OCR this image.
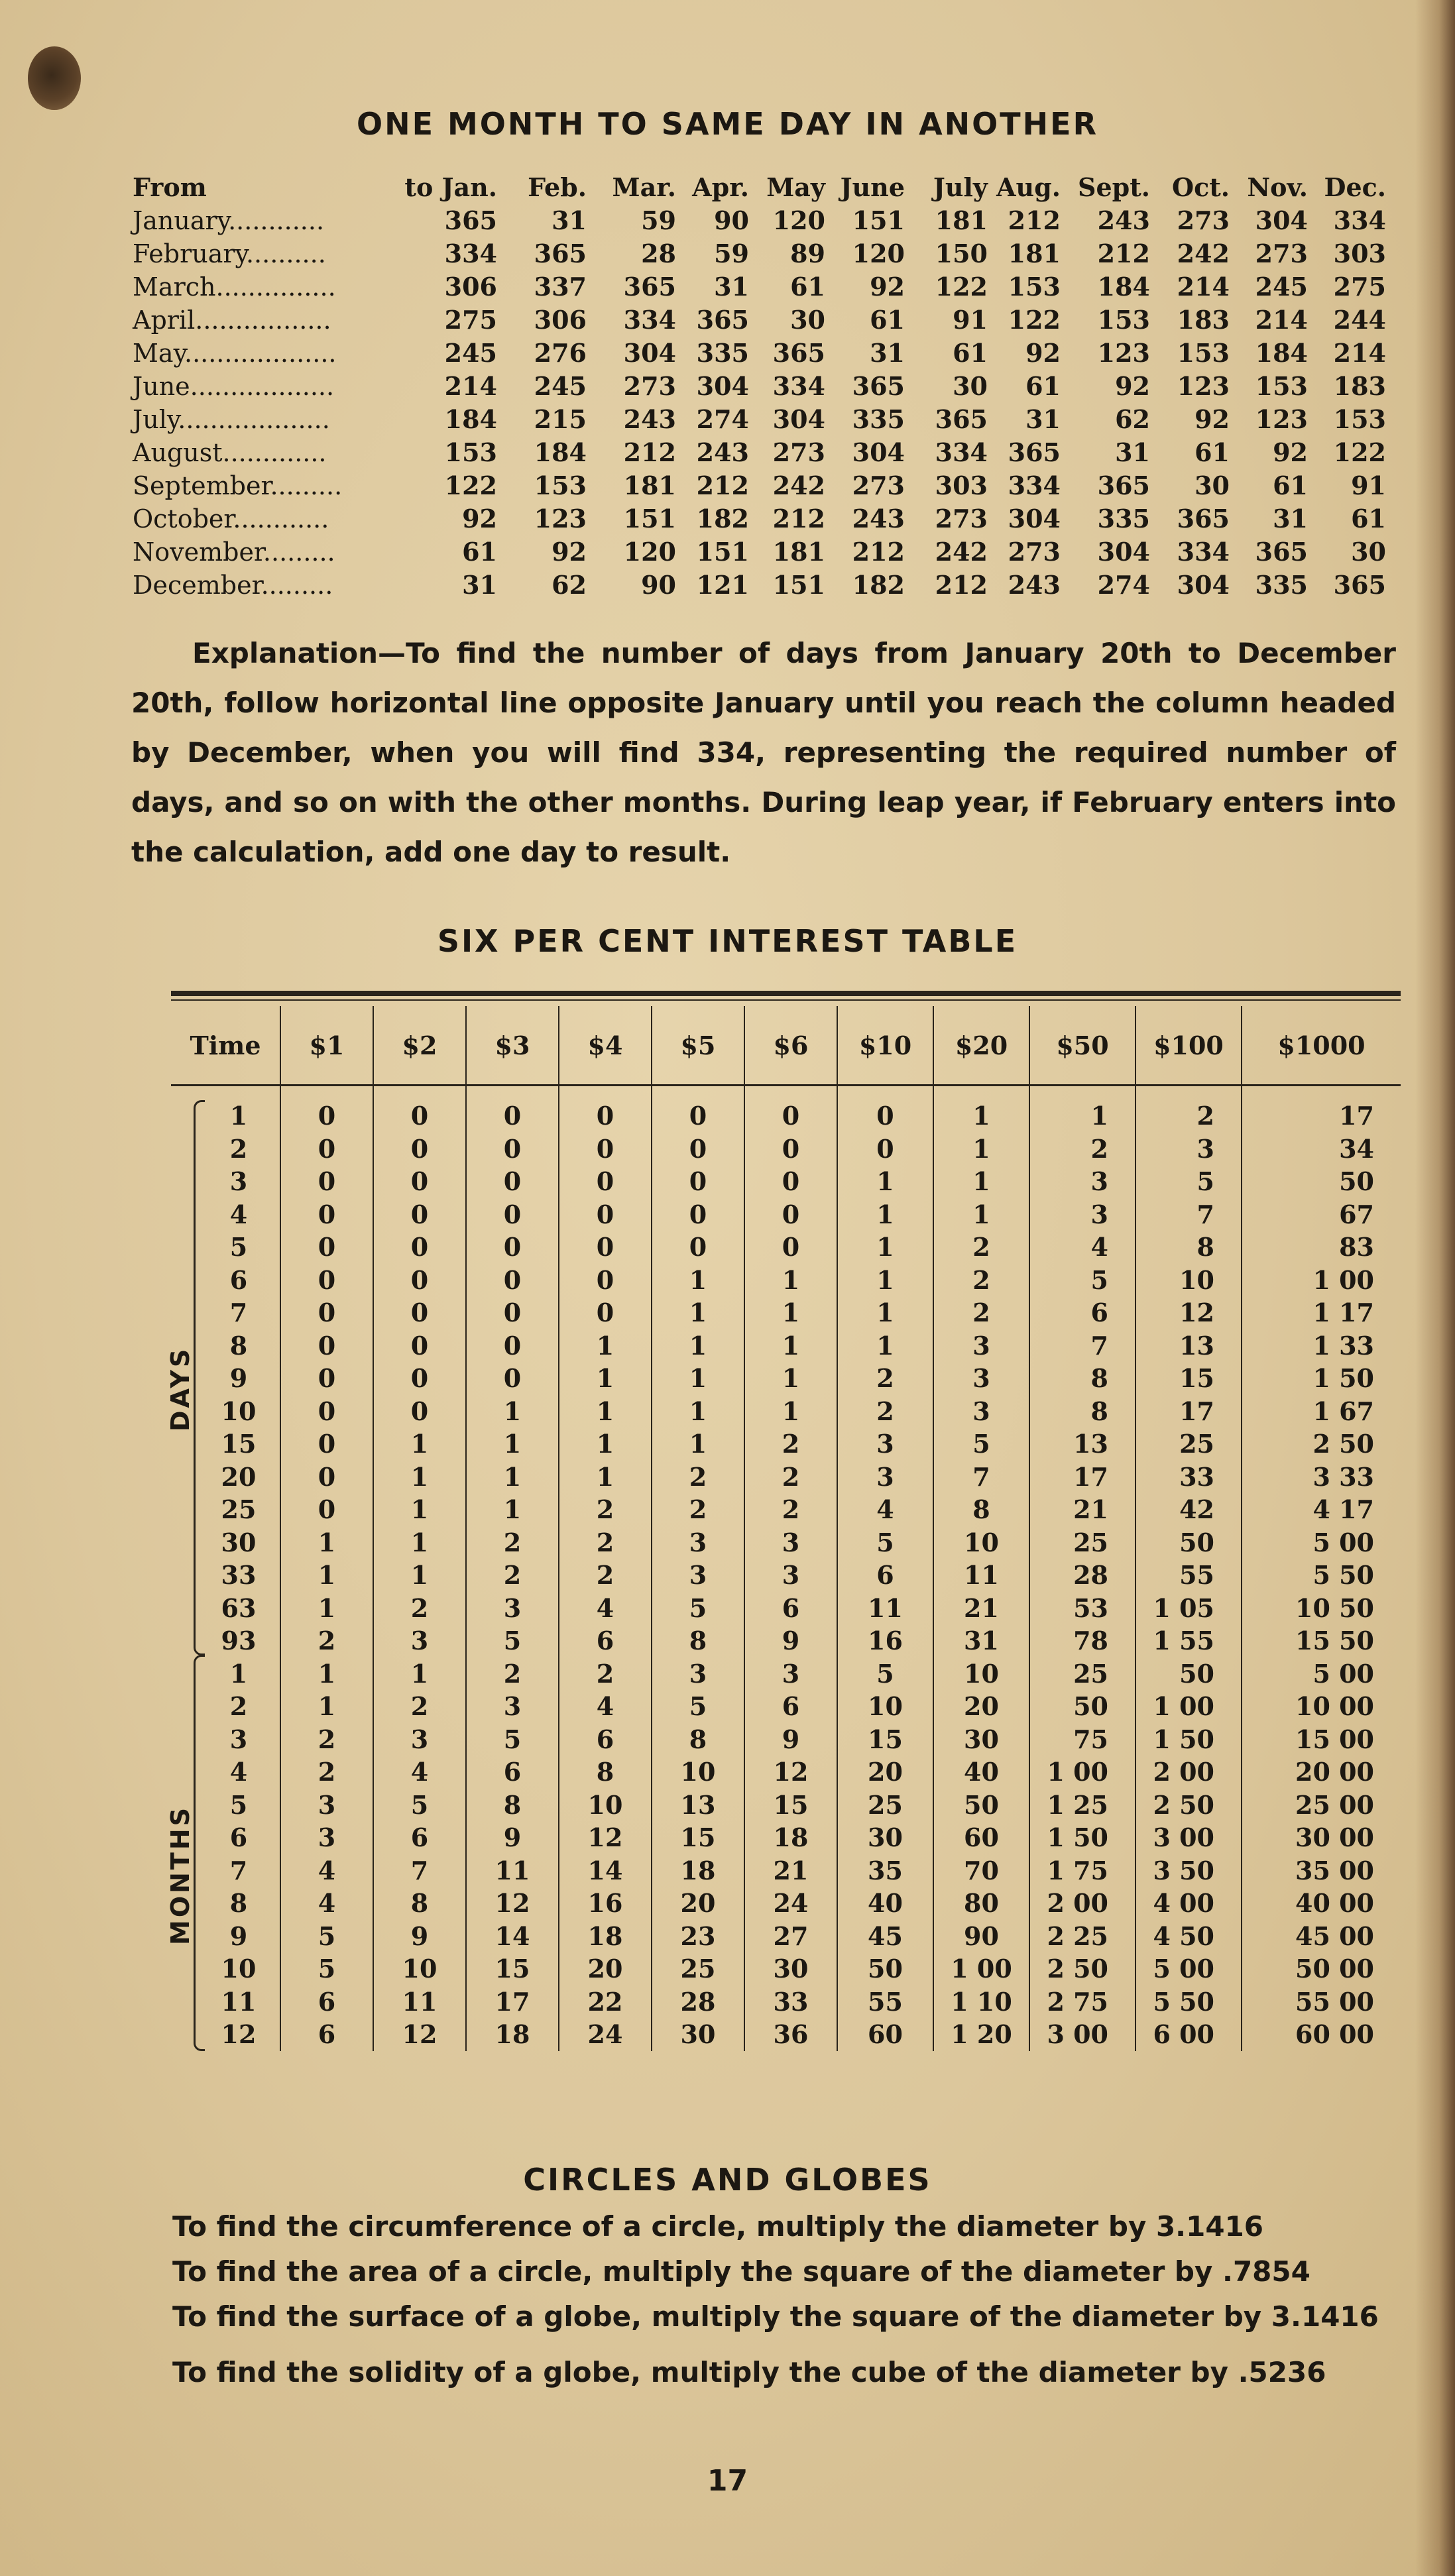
ONE MONTH TO SAME DAY IN ANOTHER
From	to Jan.	Feb.	Mar.	Apr.	May	June	July	Aug.	Sept.	Oct.	Nov.	Dec.
January............	365	31	59	90	120	151	181	212	243	273	304	334
February..........	334	365	28	59	89	120	150	181	212	242	273	303
March...............	306	337	365	31	61	92	122	153	184	214	245	275
April.................	275	306	334	365	30	61	91	122	153	183	214	244
May...................	245	276	304	335	365	31	61	92	123	153	184	214
June..................	214	245	273	304	334	365	30	61	92	123	153	183
July...................	184	215	243	274	304	335	365	31	62	92	123	153
August.............	153	184	212	243	273	304	334	365	31	61	92	122
September.........	122	153	181	212	242	273	303	334	365	30	61	91
October............	92	123	151	182	212	243	273	304	335	365	31	61
November.........	61	92	120	151	181	212	242	273	304	334	365	30
December.........	31	62	90	121	151	182	212	243	274	304	335	365
Explanation—To find the number of days from January 20th to December 20th, follow horizontal line opposite January until you reach the column headed by December, when you will find 334, representing the required number of days, and so on with the other months. During leap year, if February enters into the calculation, add one day to result.
SIX PER CENT INTEREST TABLE
Time	$1	$2	$3	$4	$5	$6	$10	$20	$50	$100	$1000

1	0	0	0	0	0	0	0	1	1	2	17
2	0	0	0	0	0	0	0	1	2	3	34
3	0	0	0	0	0	0	1	1	3	5	50
4	0	0	0	0	0	0	1	1	3	7	67
5	0	0	0	0	0	0	1	2	4	8	83
6	0	0	0	0	1	1	1	2	5	10	1 00
7	0	0	0	0	1	1	1	2	6	12	1 17
8	0	0	0	1	1	1	1	3	7	13	1 33
9	0	0	0	1	1	1	2	3	8	15	1 50
10	0	0	1	1	1	1	2	3	8	17	1 67
15	0	1	1	1	1	2	3	5	13	25	2 50
20	0	1	1	1	2	2	3	7	17	33	3 33
25	0	1	1	2	2	2	4	8	21	42	4 17
30	1	1	2	2	3	3	5	10	25	50	5 00
33	1	1	2	2	3	3	6	11	28	55	5 50
63	1	2	3	4	5	6	11	21	53	1 05	10 50
93	2	3	5	6	8	9	16	31	78	1 55	15 50
1	1	1	2	2	3	3	5	10	25	50	5 00
2	1	2	3	4	5	6	10	20	50	1 00	10 00
3	2	3	5	6	8	9	15	30	75	1 50	15 00
4	2	4	6	8	10	12	20	40	1 00	2 00	20 00
5	3	5	8	10	13	15	25	50	1 25	2 50	25 00
6	3	6	9	12	15	18	30	60	1 50	3 00	30 00
7	4	7	11	14	18	21	35	70	1 75	3 50	35 00
8	4	8	12	16	20	24	40	80	2 00	4 00	40 00
9	5	9	14	18	23	27	45	90	2 25	4 50	45 00
10	5	10	15	20	25	30	50	1 00	2 50	5 00	50 00
11	6	11	17	22	28	33	55	1 10	2 75	5 50	55 00
12	6	12	18	24	30	36	60	1 20	3 00	6 00	60 00
DAYS
MONTHS
CIRCLES AND GLOBES

To find the circumference of a circle, multiply the diameter by 3.1416

To find the area of a circle, multiply the square of the diameter by .7854

To find the surface of a globe, multiply the square of the diameter by 3.1416

To find the solidity of a globe, multiply the cube of the diameter by .5236

17
